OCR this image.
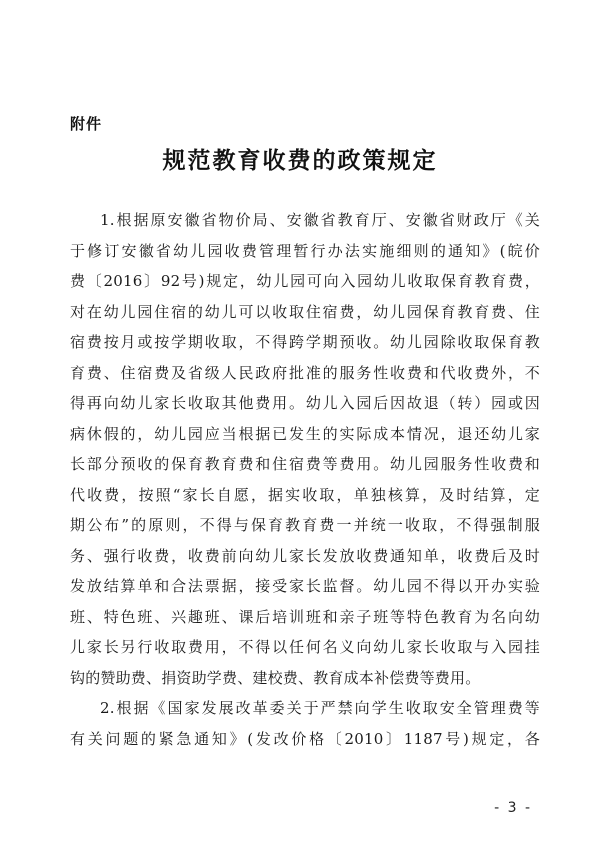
附件
规范教育收费的政策规定
1.根据原安徽省物价局、安徽省教育厅、安徽省财政厅《关
于修订安徽省幼儿园收费管理暂行办法实施细则的通知》(皖价
费〔2016〕92号)规定，幼儿园可向入园幼儿收取保育教育费，
对在幼儿园住宿的幼儿可以收取住宿费，幼儿园保育教育费、住
宿费按月或按学期收取，不得跨学期预收。幼儿园除收取保育教
育费、住宿费及省级人民政府批准的服务性收费和代收费外，不
得再向幼儿家长收取其他费用。幼儿入园后因故退（转）园或因
病休假的，幼儿园应当根据已发生的实际成本情况，退还幼儿家
长部分预收的保育教育费和住宿费等费用。幼儿园服务性收费和
代收费，按照“家长自愿，据实收取，单独核算，及时结算，定
期公布”的原则，不得与保育教育费一并统一收取，不得强制服
务、强行收费，收费前向幼儿家长发放收费通知单，收费后及时
发放结算单和合法票据，接受家长监督。幼儿园不得以开办实验
班、特色班、兴趣班、课后培训班和亲子班等特色教育为名向幼
儿家长另行收取费用，不得以任何名义向幼儿家长收取与入园挂
钩的赞助费、捐资助学费、建校费、教育成本补偿费等费用。
2.根据《国家发展改革委关于严禁向学生收取安全管理费等
有关问题的紧急通知》(发改价格〔2010〕1187号)规定，各
- 3 -
